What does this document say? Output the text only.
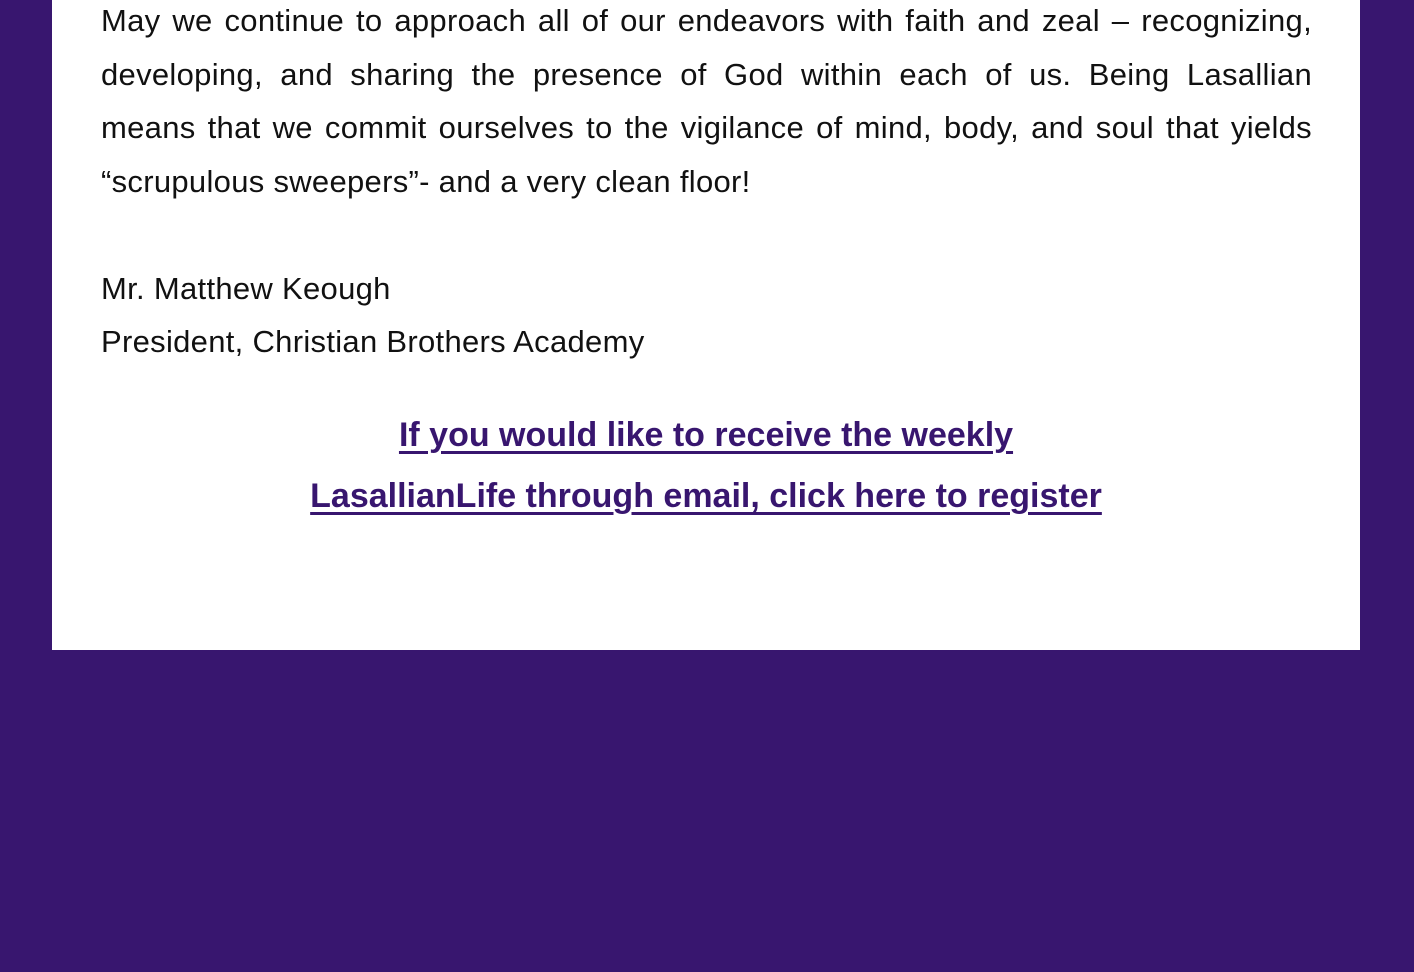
May we continue to approach all of our endeavors with faith and zeal – recognizing, developing, and sharing the presence of God within each of us. Being Lasallian means that we commit ourselves to the vigilance of mind, body, and soul that yields “scrupulous sweepers”- and a very clean floor!

Mr. Matthew Keough

President, Christian Brothers Academy

If you would like to receive the weekly
LasallianLife through email, click here to register
